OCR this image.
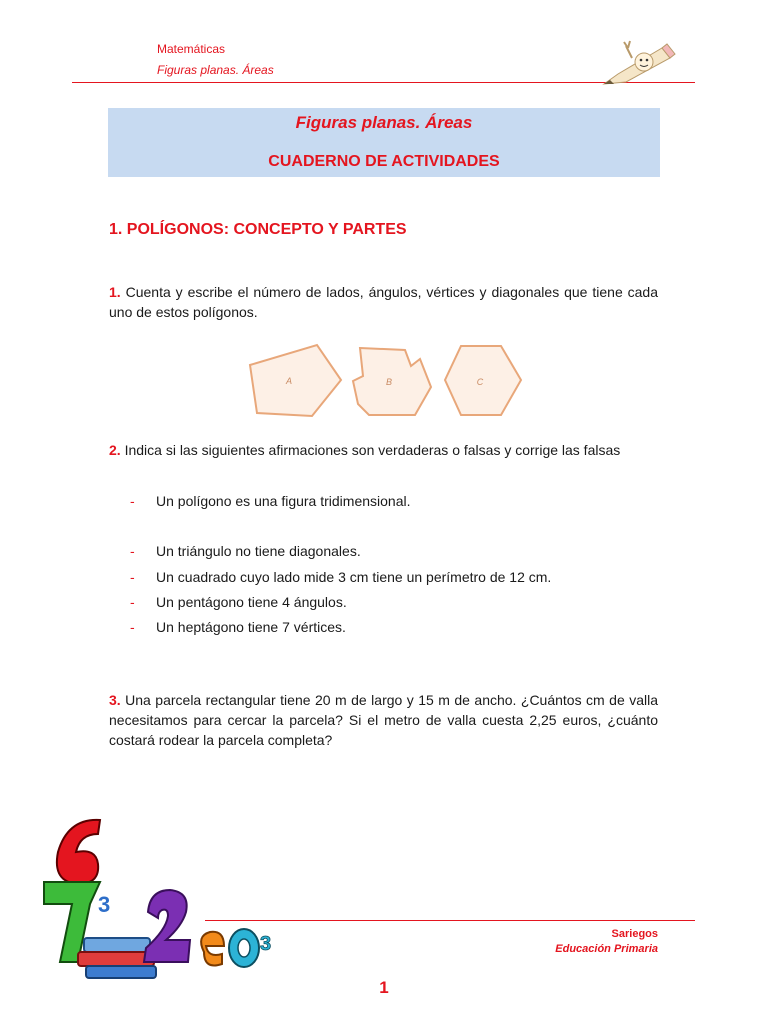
Matemáticas
Figuras planas. Áreas
Figuras planas. Áreas
CUADERNO DE ACTIVIDADES
1. POLÍGONOS: CONCEPTO Y PARTES
1. Cuenta y escribe el número de lados, ángulos, vértices y diagonales que tiene cada uno de estos polígonos.
A	B	C
2. Indica si las siguientes afirmaciones son verdaderas o falsas y corrige las falsas
- Un polígono es una figura tridimensional.
- Un triángulo no tiene diagonales.
- Un cuadrado cuyo lado mide 3 cm tiene un perímetro de 12 cm.
- Un pentágono tiene 4 ángulos.
- Un heptágono tiene 7 vértices.
3. Una parcela rectangular tiene 20 m de largo y 15 m de ancho. ¿Cuántos cm de valla necesitamos para cercar la parcela? Si el metro de valla cuesta 2,25 euros, ¿cuánto costará rodear la parcela completa?
3
3	Sariegos
Educación Primaria
1
